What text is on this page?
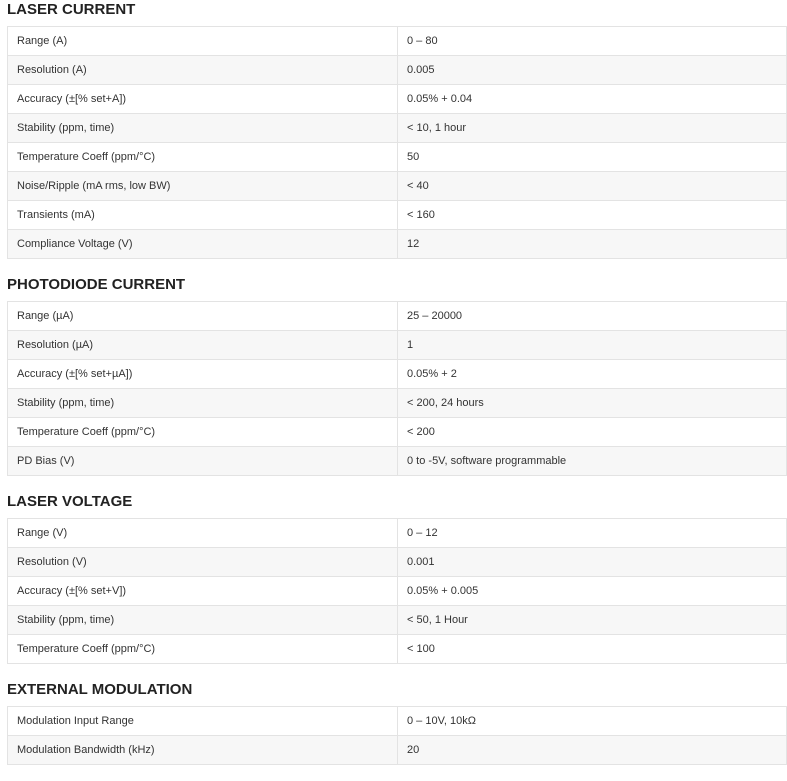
LASER CURRENT
Range (A)	0 – 80
Resolution (A)	0.005
Accuracy (±[% set+A])	0.05% + 0.04
Stability (ppm, time)	< 10, 1 hour
Temperature Coeff (ppm/°C)	50
Noise/Ripple (mA rms, low BW)	< 40
Transients (mA)	< 160
Compliance Voltage (V)	12
PHOTODIODE CURRENT
Range (µA)	25 – 20000
Resolution (µA)	1
Accuracy (±[% set+µA])	0.05% + 2
Stability (ppm, time)	< 200, 24 hours
Temperature Coeff (ppm/°C)	< 200
PD Bias (V)	0 to -5V, software programmable
LASER VOLTAGE
Range (V)	0 – 12
Resolution (V)	0.001
Accuracy (±[% set+V])	0.05% + 0.005
Stability (ppm, time)	< 50, 1 Hour
Temperature Coeff (ppm/°C)	< 100
EXTERNAL MODULATION
Modulation Input Range	0 – 10V, 10kΩ
Modulation Bandwidth (kHz)	20
